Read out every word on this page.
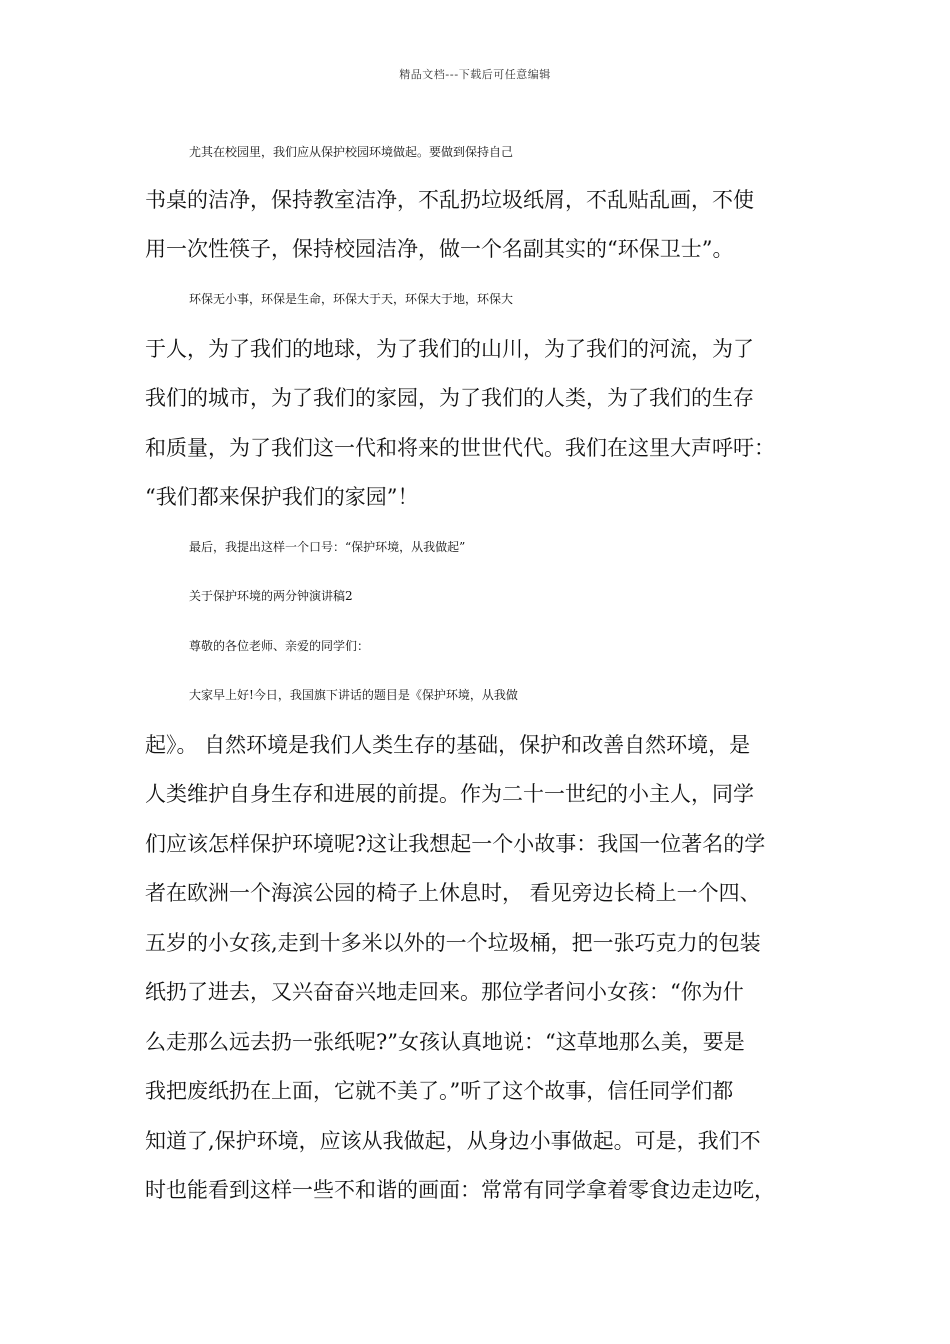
精品文档---下载后可任意编辑
尤其在校园里，我们应从保护校园环境做起。要做到保持自己
书桌的洁净，保持教室洁净，不乱扔垃圾纸屑，不乱贴乱画，不使
用一次性筷子，保持校园洁净，做一个名副其实的“环保卫士”。
环保无小事，环保是生命，环保大于天，环保大于地，环保大
于人，为了我们的地球，为了我们的山川，为了我们的河流，为了
我们的城市，为了我们的家园，为了我们的人类，为了我们的生存
和质量，为了我们这一代和将来的世世代代。我们在这里大声呼吁：
“我们都来保护我们的家园”！
最后，我提出这样一个口号：“保护环境，从我做起”
关于保护环境的两分钟演讲稿2
尊敬的各位老师、亲爱的同学们：
大家早上好!今日，我国旗下讲话的题目是《保护环境，从我做
起》。 自然环境是我们人类生存的基础，保护和改善自然环境，是
人类维护自身生存和进展的前提。作为二十一世纪的小主人，同学
们应该怎样保护环境呢?这让我想起一个小故事：我国一位著名的学
者在欧洲一个海滨公园的椅子上休息时， 看见旁边长椅上一个四、
五岁的小女孩,走到十多米以外的一个垃圾桶，把一张巧克力的包装
纸扔了进去，又兴奋奋兴地走回来。那位学者问小女孩：“你为什
么走那么远去扔一张纸呢?”女孩认真地说：“这草地那么美，要是
我把废纸扔在上面，它就不美了。”听了这个故事，信任同学们都
知道了,保护环境，应该从我做起，从身边小事做起。可是，我们不
时也能看到这样一些不和谐的画面：常常有同学拿着零食边走边吃，
